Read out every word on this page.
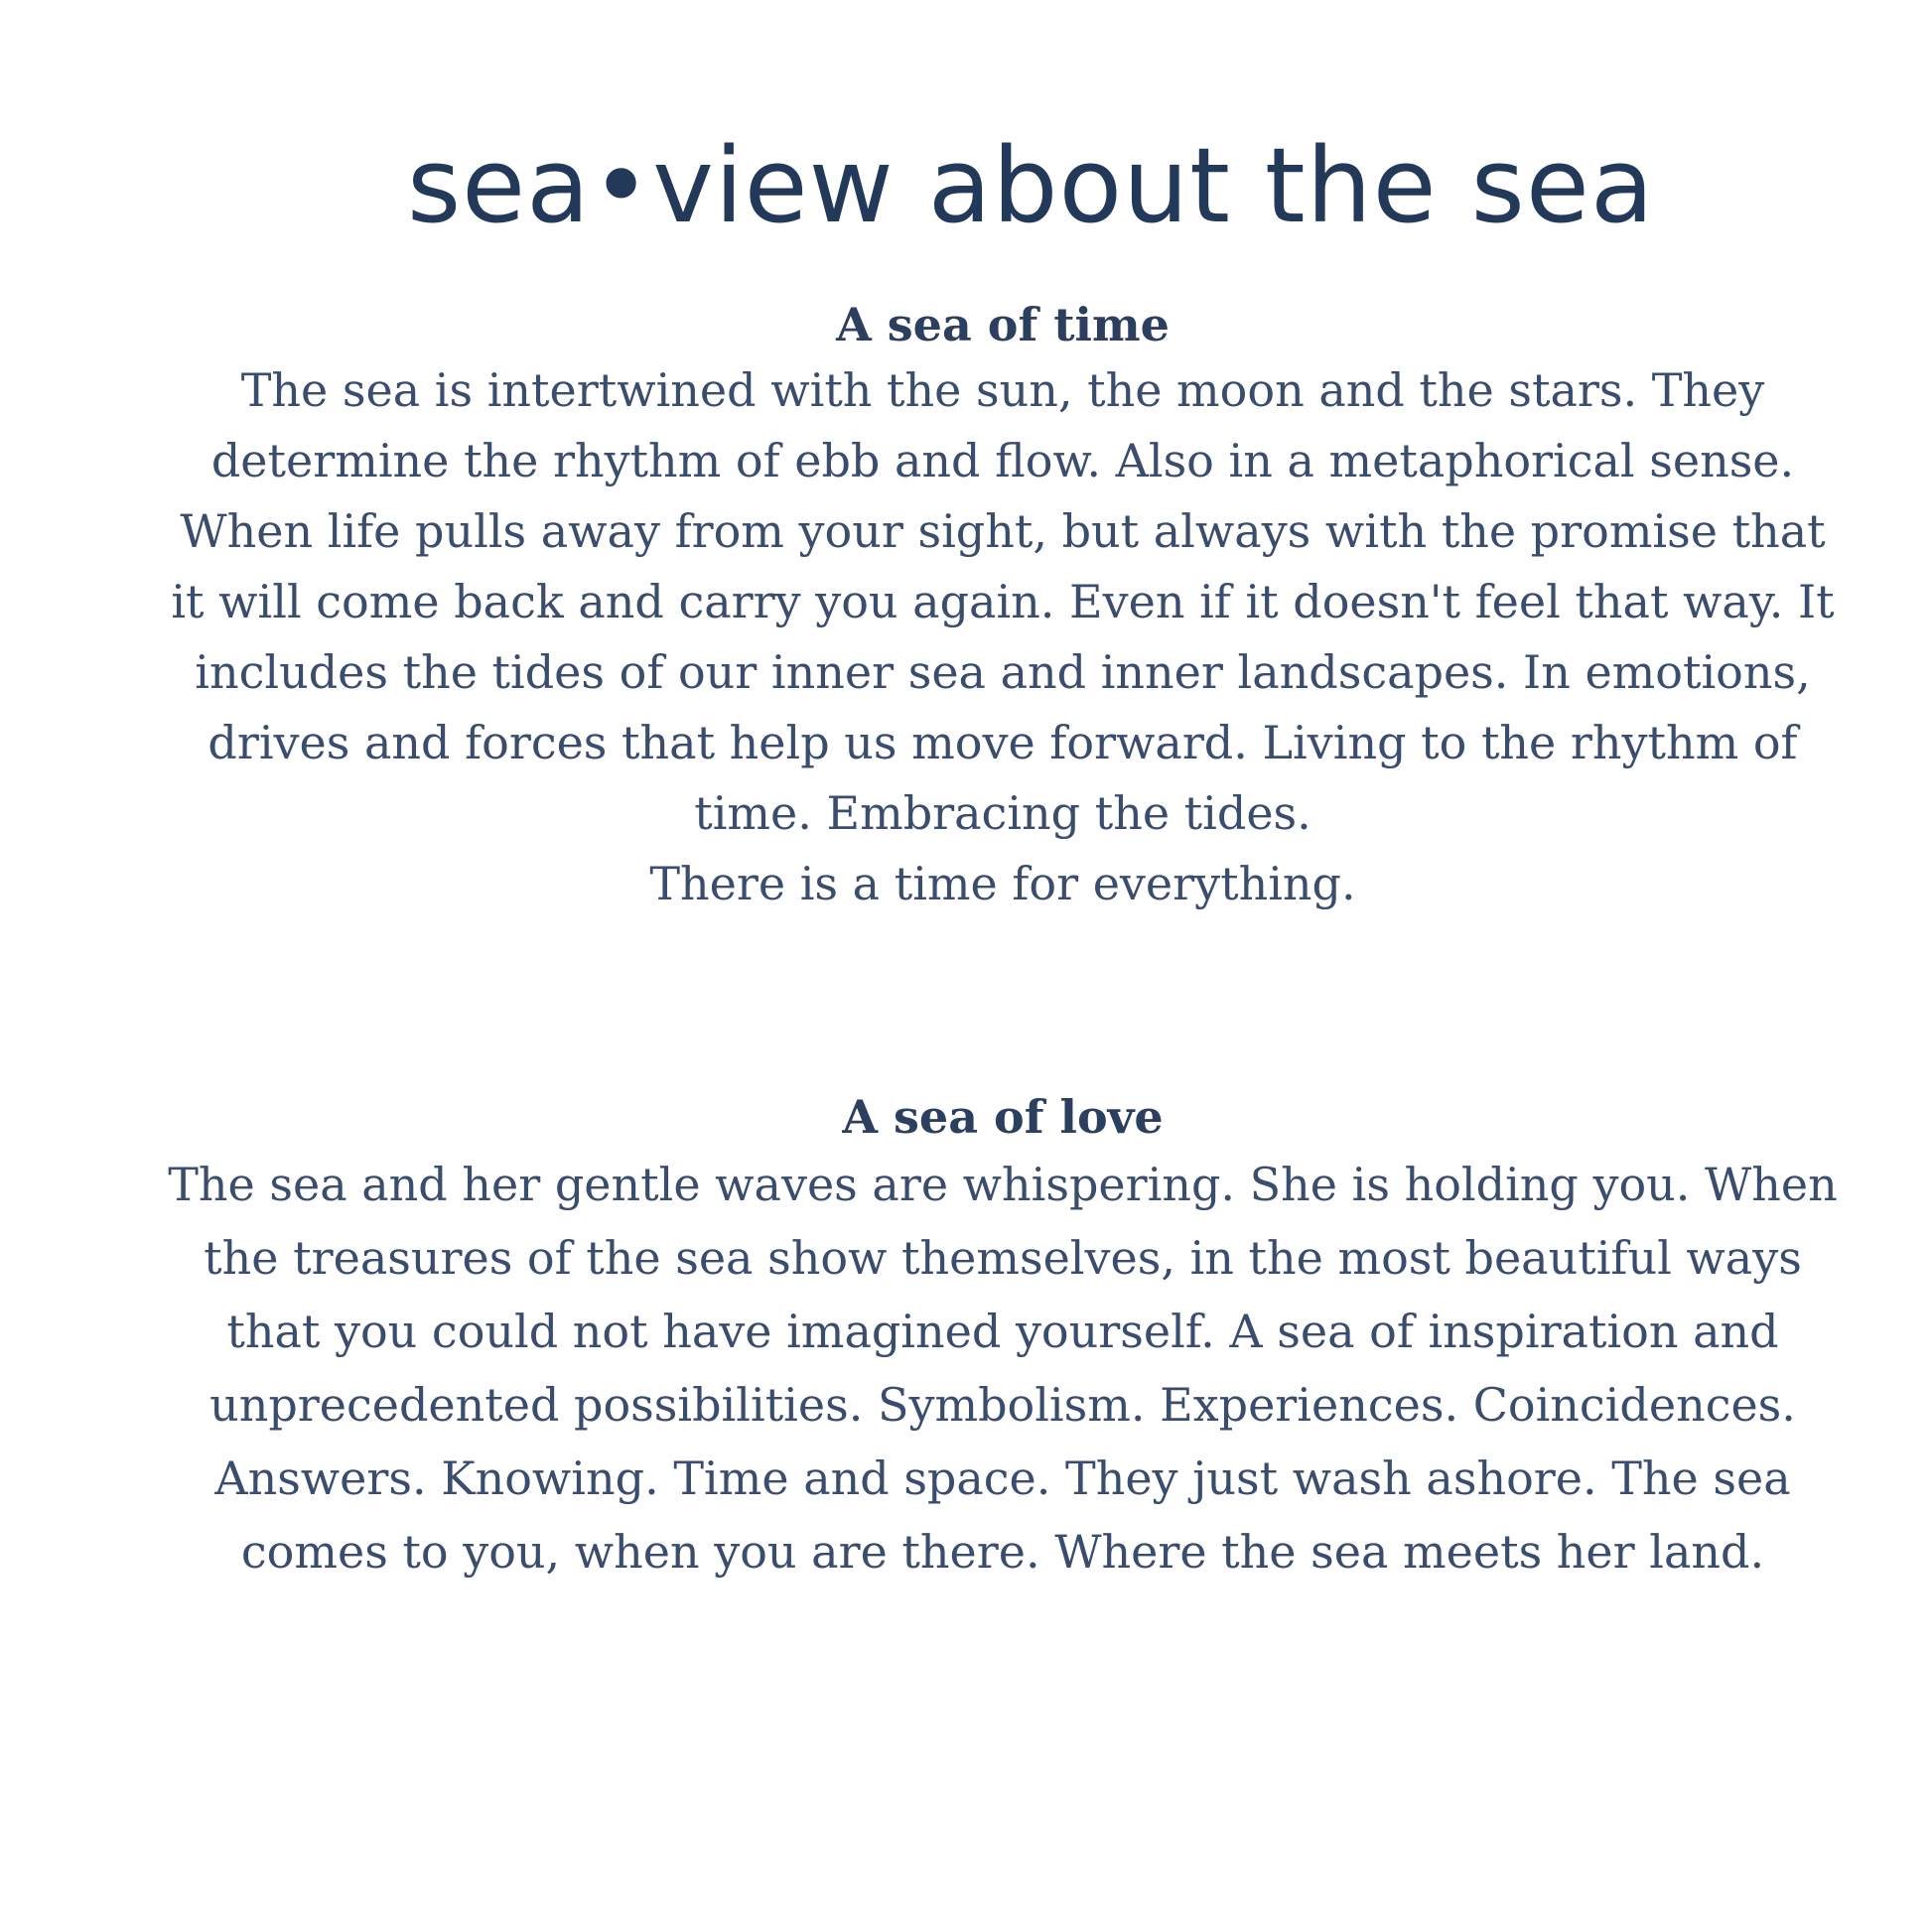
sea•view about the sea
A sea of time

The sea is intertwined with the sun, the moon and the stars. They
determine the rhythm of ebb and flow. Also in a metaphorical sense.
When life pulls away from your sight, but always with the promise that
it will come back and carry you again. Even if it doesn't feel that way. It
includes the tides of our inner sea and inner landscapes. In emotions,
drives and forces that help us move forward. Living to the rhythm of
time. Embracing the tides.
There is a time for everything.

A sea of love

The sea and her gentle waves are whispering. She is holding you. When
the treasures of the sea show themselves, in the most beautiful ways
that you could not have imagined yourself. A sea of inspiration and
unprecedented possibilities. Symbolism. Experiences. Coincidences.
Answers. Knowing. Time and space. They just wash ashore. The sea
comes to you, when you are there. Where the sea meets her land.
